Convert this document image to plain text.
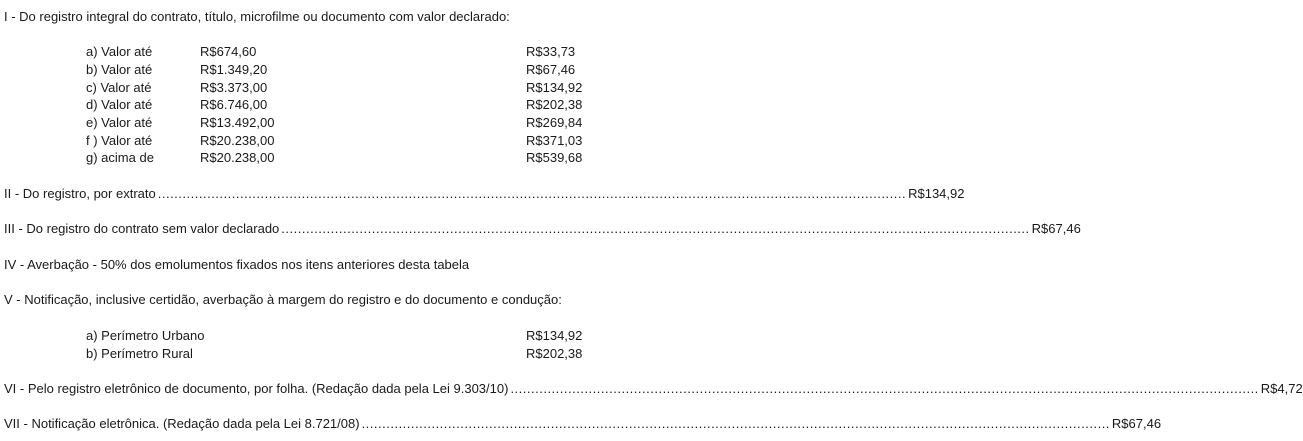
I - Do registro integral do contrato, título, microfilme ou documento com valor declarado:
a) Valor até	R$674,60	R$33,73
b) Valor até	R$1.349,20	R$67,46
c) Valor até	R$3.373,00	R$134,92
d) Valor até	R$6.746,00	R$202,38
e) Valor até	R$13.492,00	R$269,84
f ) Valor até	R$20.238,00	R$371,03
g) acima de	R$20.238,00	R$539,68
II - Do registro, por extrato ...................................................................................................................................................................................... R$134,92
III - Do registro do contrato sem valor declarado ...................................................................................................................................................................................... R$67,46
IV - Averbação - 50% dos emolumentos fixados nos itens anteriores desta tabela
V - Notificação, inclusive certidão, averbação à margem do registro e do documento e condução:
a) Perímetro Urbano	R$134,92
b) Perímetro Rural	R$202,38
VI - Pelo registro eletrônico de documento, por folha. (Redação dada pela Lei 9.303/10) ...................................................................................................................................................................................... R$4,72
VII - Notificação eletrônica. (Redação dada pela Lei 8.721/08) ...................................................................................................................................................................................... R$67,46
